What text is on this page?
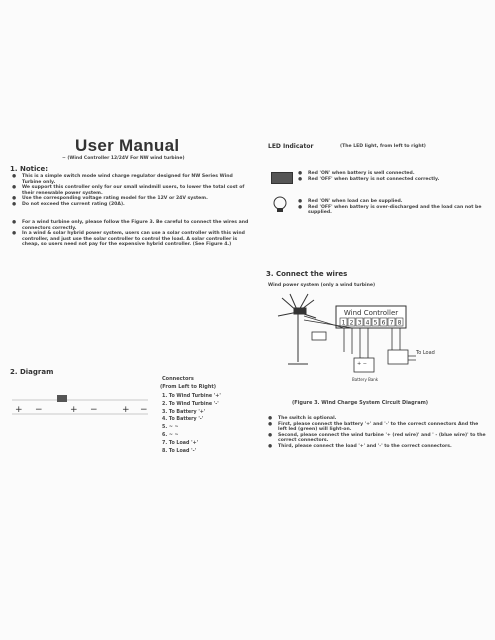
User Manual
~ (Wind Controller 12/24V For NW wind turbine)
1. Notice:
● This is a simple switch mode wind charge regulator designed for NW Series Wind Turbine only.
● We support this controller only for our small windmill users, to lower the total cost of their renewable power system.
● Use the corresponding voltage rating model for the 12V or 24V system.
● Do not exceed the current rating (20A).
● For a wind turbine only, please follow the Figure 3. Be careful to connect the wires and connectors correctly.
● In a wind & solar hybrid power system, users can use a solar controller with this wind controller, and just use the solar controller to control the load. A solar controller is cheap, so users need not pay for the expensive hybrid controller. (See Figure 4.)
2. Diagram
+ −	+ −	+ −
Connectors
(From Left to Right)
1. To Wind Turbine '+'
2. To Wind Turbine '-'
3. To Battery '+'
4. To Battery '-'
5. ~ ~
6. ~ ~
7. To Load '+'
8. To Load '-'
LED Indicator	(The LED light, from left to right)
● Red 'ON' when battery is well connected.
● Red 'OFF' when battery is not connected correctly.
● Red 'ON' when load can be supplied.
● Red 'OFF' when battery is over-discharged and the load can not be supplied.
3. Connect the wires
Wind power system (only a wind turbine)
Wind Controller
1 2 3 4 5 6 7 8
+ −
Battery Bank
To Load
(Figure 3. Wind Charge System Circuit Diagram)
● The switch is optional.
● First, please connect the battery '+' and '-' to the correct connectors And the left led (green) will light-on.
● Second, please connect the wind turbine '+ (red wire)' and ' - (blue wire)' to the correct connectors.
● Third, please connect the load '+' and '-' to the correct connectors.
